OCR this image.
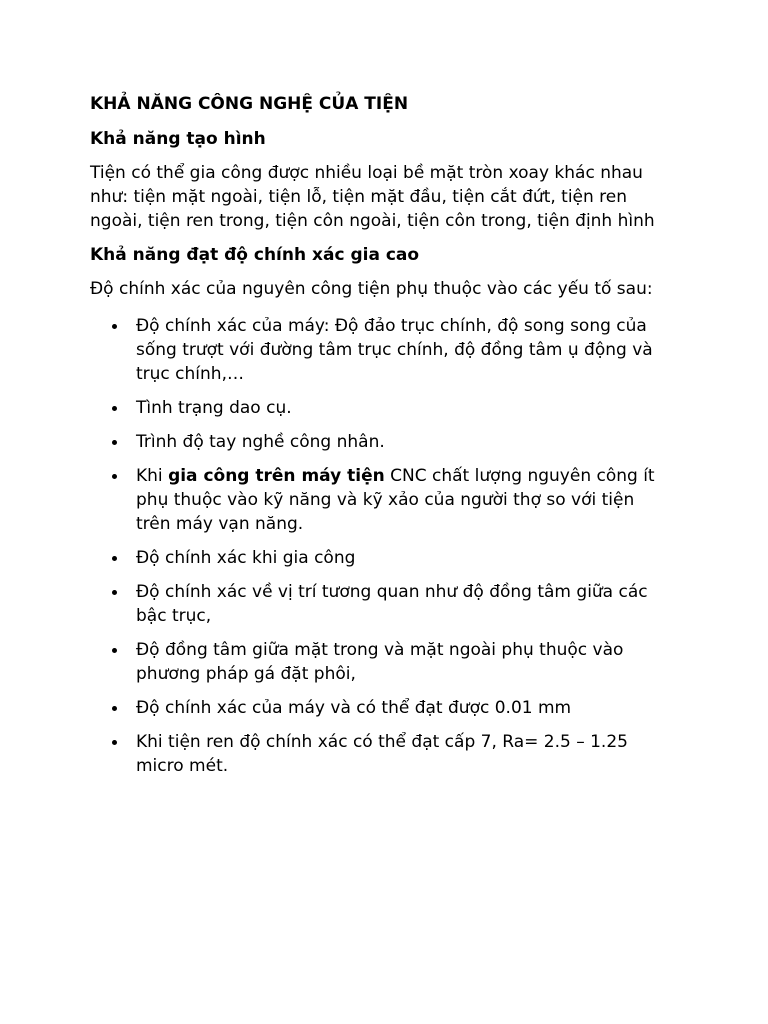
KHẢ NĂNG CÔNG NGHỆ CỦA TIỆN
Khả năng tạo hình
Tiện có thể gia công được nhiều loại bề mặt tròn xoay khác nhau
như: tiện mặt ngoài, tiện lỗ, tiện mặt đầu, tiện cắt đứt, tiện ren
ngoài, tiện ren trong, tiện côn ngoài, tiện côn trong, tiện định hình
Khả năng đạt độ chính xác gia cao
Độ chính xác của nguyên công tiện phụ thuộc vào các yếu tố sau:
Độ chính xác của máy: Độ đảo trục chính, độ song song của
sống trượt với đường tâm trục chính, độ đồng tâm ụ động và
trục chính,…
Tình trạng dao cụ.
Trình độ tay nghề công nhân.
Khi gia công trên máy tiện CNC chất lượng nguyên công ít
phụ thuộc vào kỹ năng và kỹ xảo của người thợ so với tiện
trên máy vạn năng.
Độ chính xác khi gia công
Độ chính xác về vị trí tương quan như độ đồng tâm giữa các
bậc trục,
Độ đồng tâm giữa mặt trong và mặt ngoài phụ thuộc vào
phương pháp gá đặt phôi,
Độ chính xác của máy và có thể đạt được 0.01 mm
Khi tiện ren độ chính xác có thể đạt cấp 7, Ra= 2.5 – 1.25
micro mét.
